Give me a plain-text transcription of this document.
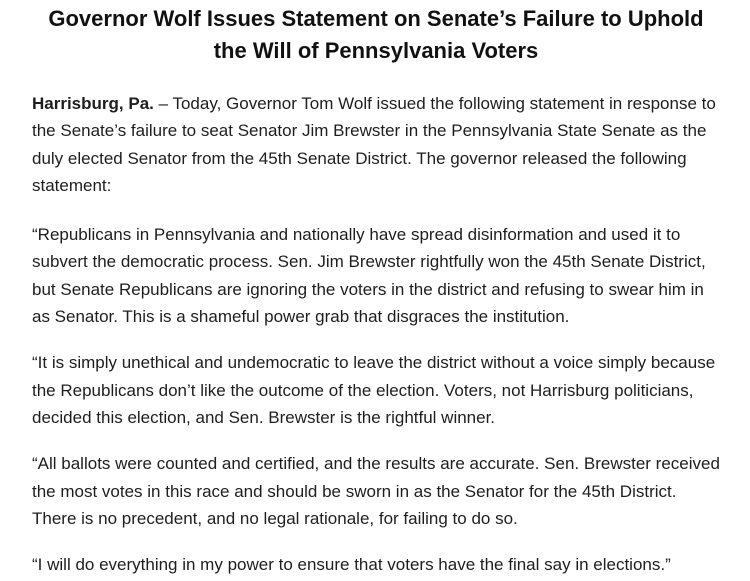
Governor Wolf Issues Statement on Senate’s Failure to Uphold the Will of Pennsylvania Voters

Harrisburg, Pa. – Today, Governor Tom Wolf issued the following statement in response to the Senate’s failure to seat Senator Jim Brewster in the Pennsylvania State Senate as the duly elected Senator from the 45th Senate District. The governor released the following statement:

“Republicans in Pennsylvania and nationally have spread disinformation and used it to subvert the democratic process. Sen. Jim Brewster rightfully won the 45th Senate District, but Senate Republicans are ignoring the voters in the district and refusing to swear him in as Senator. This is a shameful power grab that disgraces the institution.

“It is simply unethical and undemocratic to leave the district without a voice simply because the Republicans don’t like the outcome of the election. Voters, not Harrisburg politicians, decided this election, and Sen. Brewster is the rightful winner.

“All ballots were counted and certified, and the results are accurate. Sen. Brewster received the most votes in this race and should be sworn in as the Senator for the 45th District. There is no precedent, and no legal rationale, for failing to do so.

“I will do everything in my power to ensure that voters have the final say in elections.”
